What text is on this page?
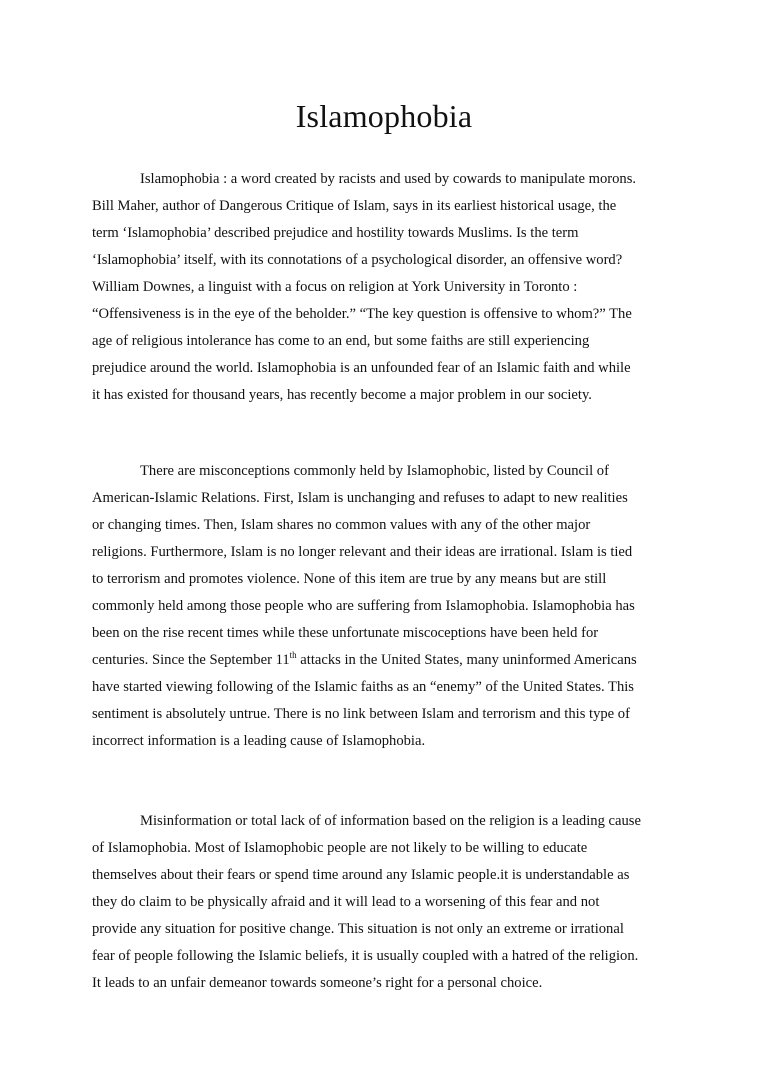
Islamophobia
Islamophobia : a word created by racists and used by cowards to manipulate morons.
Bill Maher, author of Dangerous Critique of Islam, says in its earliest historical usage, the
term ‘Islamophobia’ described prejudice and hostility towards Muslims. Is the term
‘Islamophobia’ itself, with its connotations of a psychological disorder, an offensive word?
William Downes, a linguist with a focus on religion at York University in Toronto :
“Offensiveness is in the eye of the beholder.” “The key question is offensive to whom?” The
age of religious intolerance has come to an end, but some faiths are still experiencing
prejudice around the world. Islamophobia is an unfounded fear of an Islamic faith and while
it has existed for thousand years, has recently become a major problem in our society.
There are misconceptions commonly held by Islamophobic, listed by Council of
American-Islamic Relations. First, Islam is unchanging and refuses to adapt to new realities
or changing times. Then, Islam shares no common values with any of the other major
religions. Furthermore, Islam is no longer relevant and their ideas are irrational. Islam is tied
to terrorism and promotes violence. None of this item are true by any means but are still
commonly held among those people who are suffering from Islamophobia. Islamophobia has
been on the rise recent times while these unfortunate miscoceptions have been held for
centuries. Since the September 11th attacks in the United States, many uninformed Americans
have started viewing following of the Islamic faiths as an “enemy” of the United States. This
sentiment is absolutely untrue. There is no link between Islam and terrorism and this type of
incorrect information is a leading cause of Islamophobia.
Misinformation or total lack of of information based on the religion is a leading cause
of Islamophobia. Most of Islamophobic people are not likely to be willing to educate
themselves about their fears or spend time around any Islamic people.it is understandable as
they do claim to be physically afraid and it will lead to a worsening of this fear and not
provide any situation for positive change. This situation is not only an extreme or irrational
fear of people following the Islamic beliefs, it is usually coupled with a hatred of the religion.
It leads to an unfair demeanor towards someone’s right for a personal choice.
